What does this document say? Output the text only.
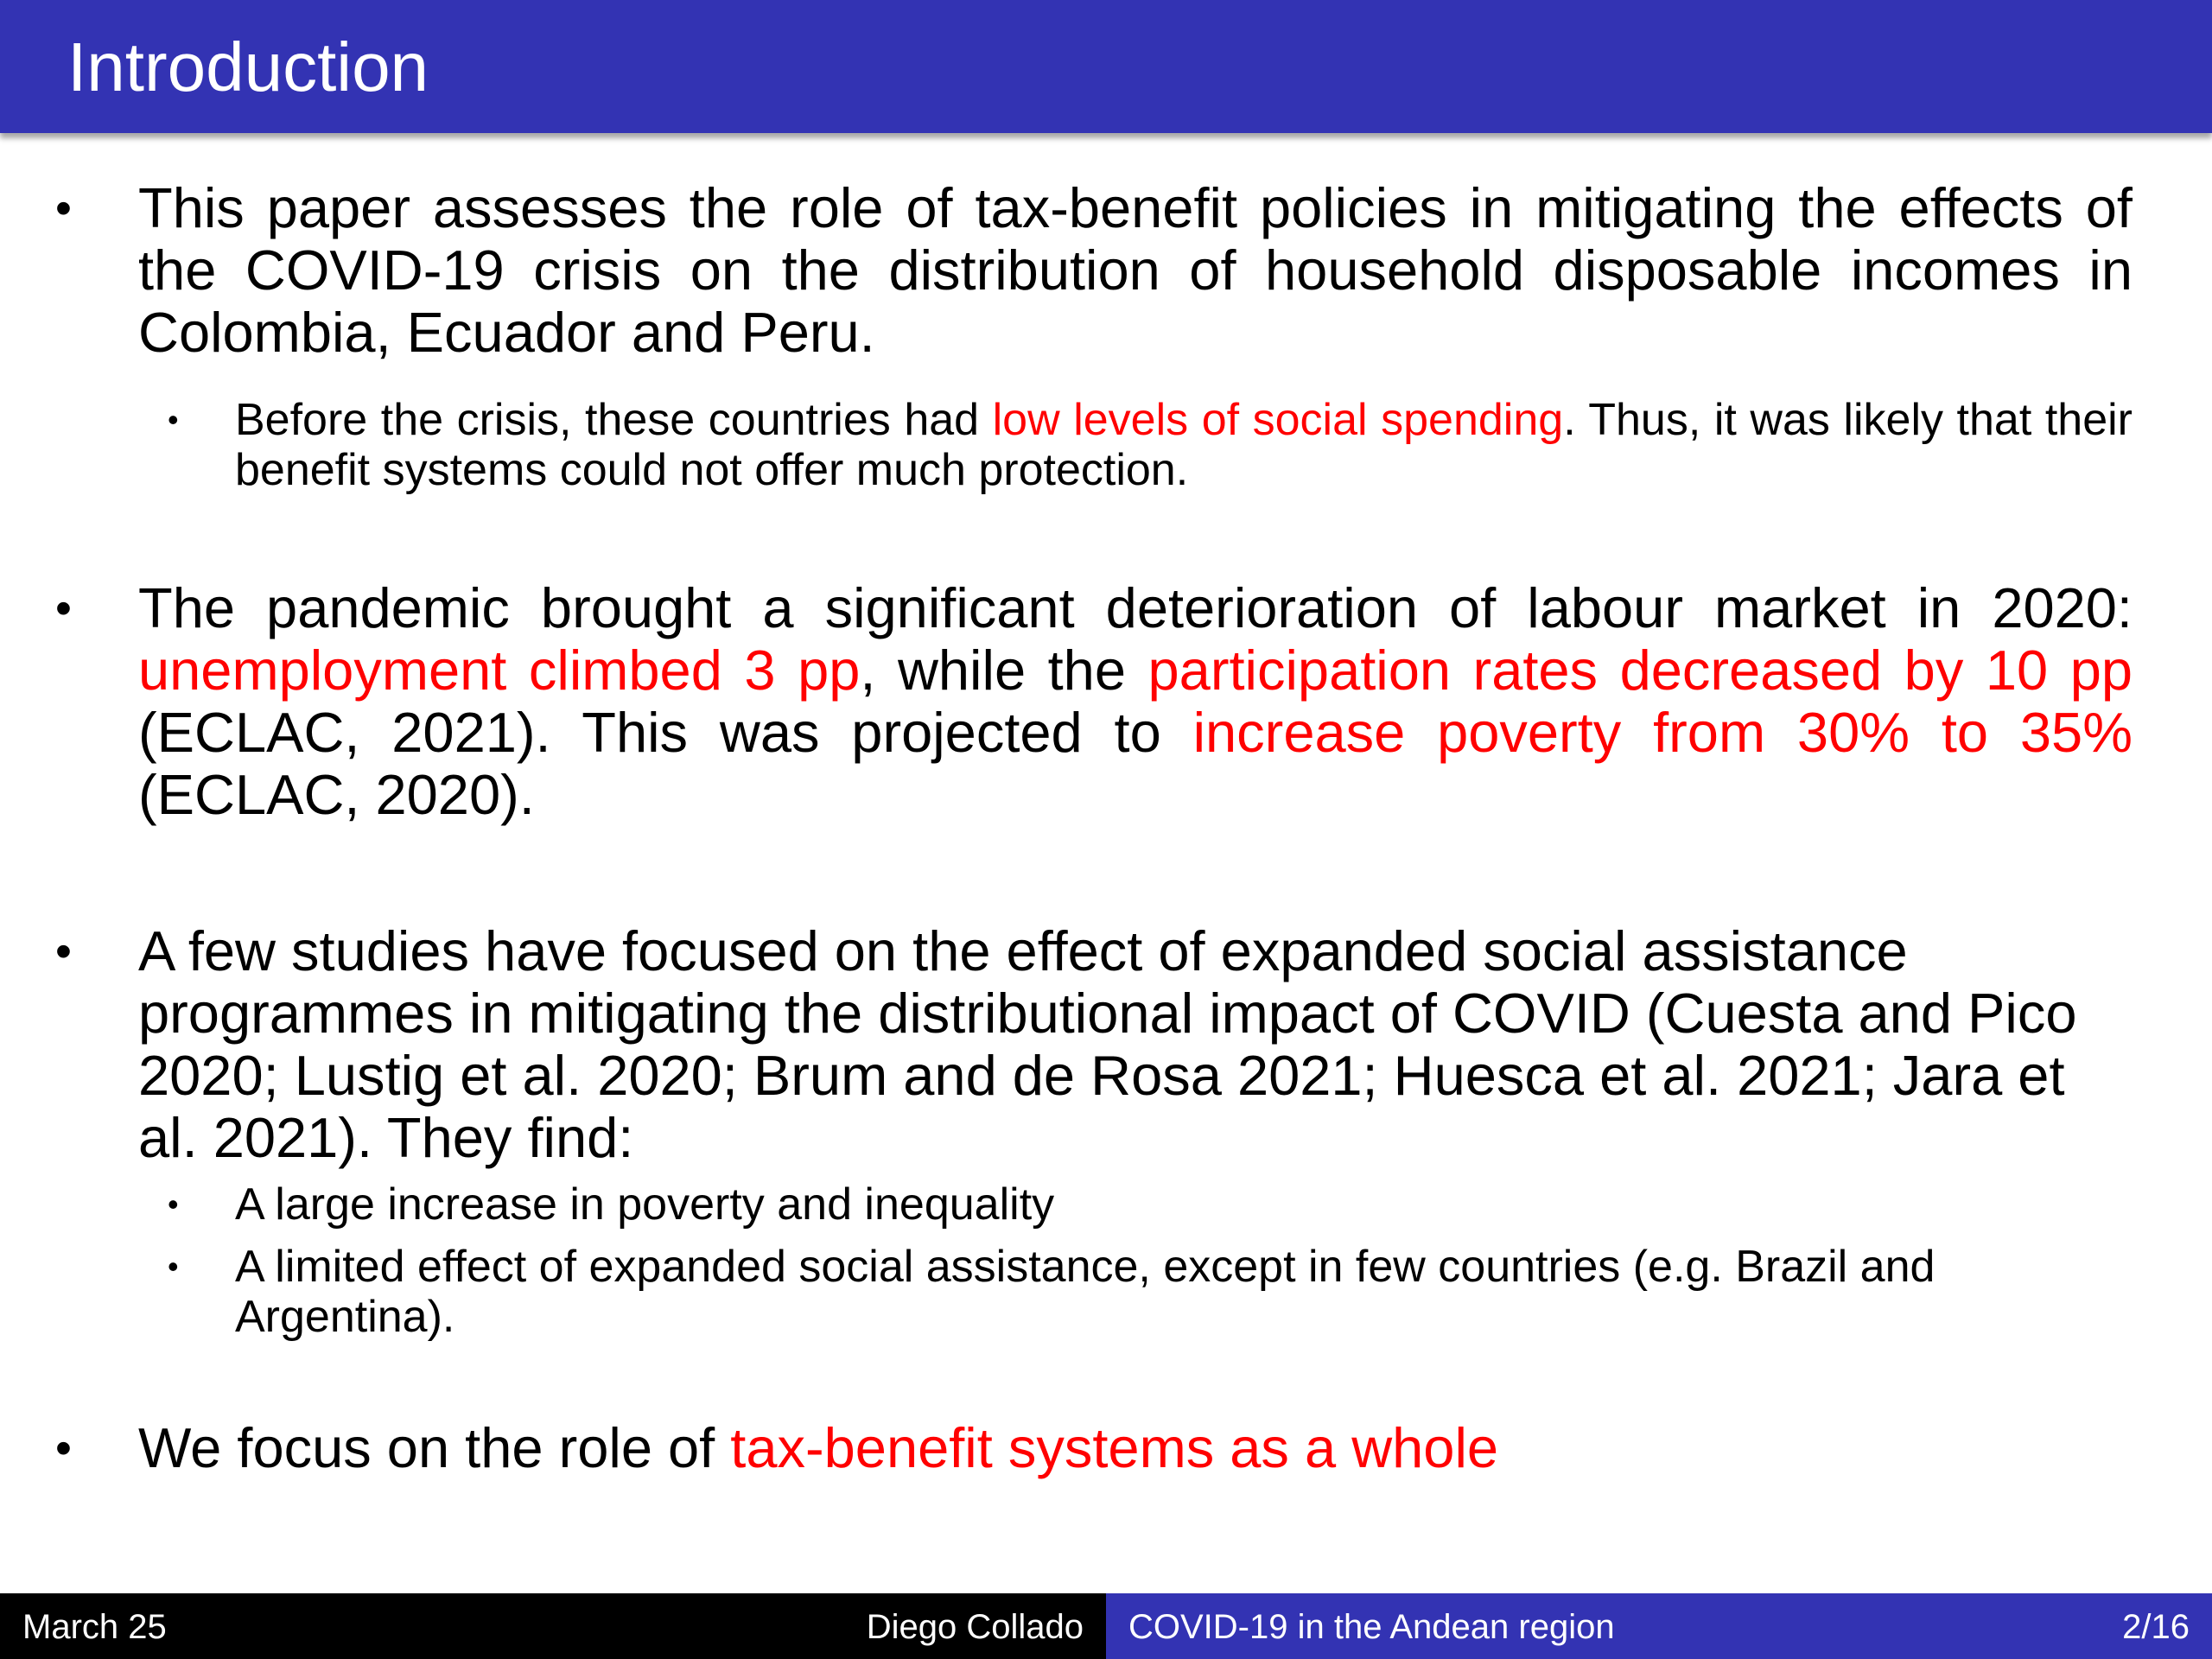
Introduction
• This paper assesses the role of tax-benefit policies in mitigating the effects of the COVID-19 crisis on the distribution of household disposable incomes in Colombia, Ecuador and Peru.

• Before the crisis, these countries had low levels of social spending. Thus, it was likely that their benefit systems could not offer much protection.

• The pandemic brought a significant deterioration of labour market in 2020: unemployment climbed 3 pp, while the participation rates decreased by 10 pp (ECLAC, 2021). This was projected to increase poverty from 30% to 35% (ECLAC, 2020).

• A few studies have focused on the effect of expanded social assistance programmes in mitigating the distributional impact of COVID (Cuesta and Pico 2020; Lustig et al. 2020; Brum and de Rosa 2021; Huesca et al. 2021; Jara et al. 2021). They find:

• A large increase in poverty and inequality

• A limited effect of expanded social assistance, except in few countries (e.g. Brazil and Argentina).

• We focus on the role of tax-benefit systems as a whole

March 25	Diego Collado COVID-19 in the Andean region	2/16
